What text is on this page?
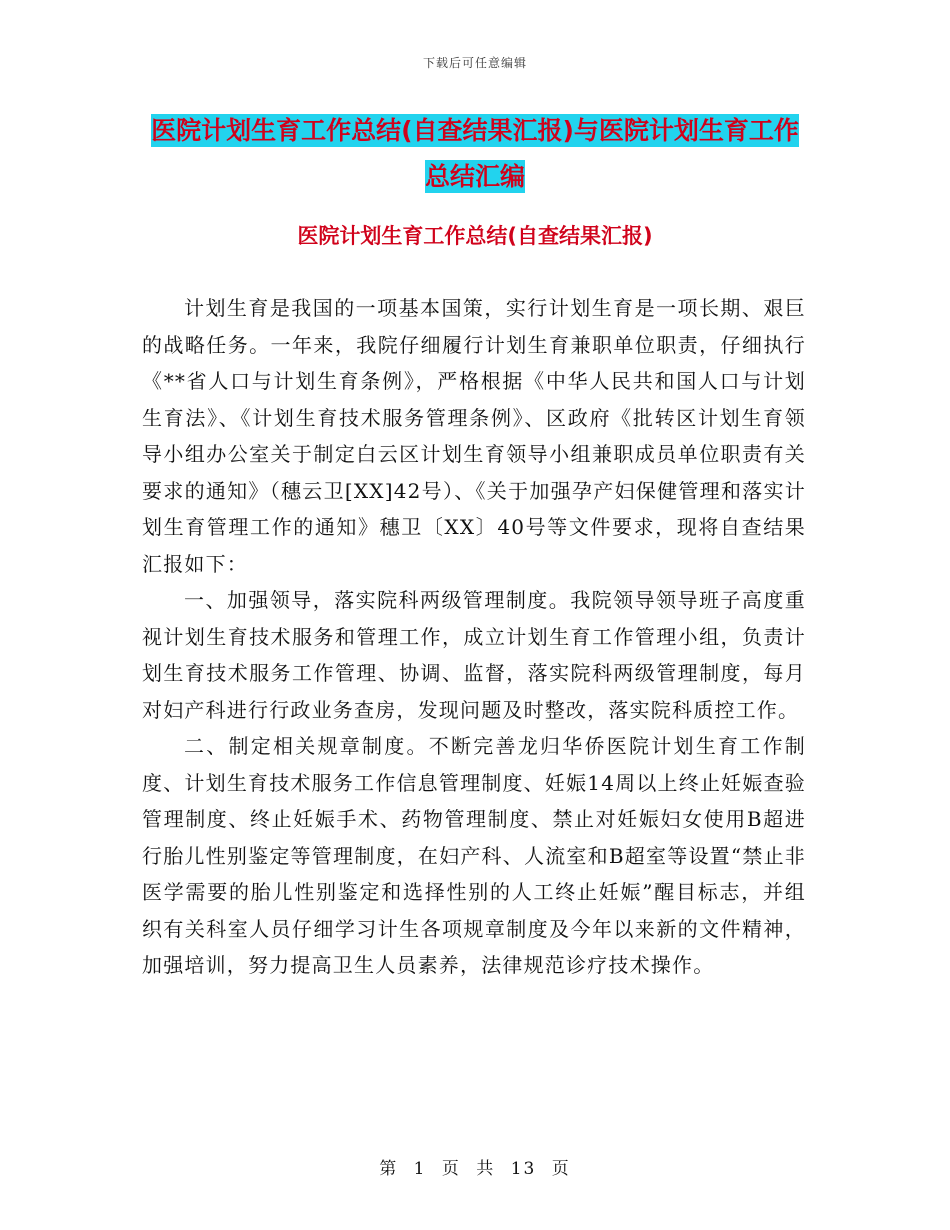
下载后可任意编辑
医院计划生育工作总结(自查结果汇报)与医院计划生育工作总结汇编
医院计划生育工作总结(自查结果汇报)

计划生育是我国的一项基本国策，实行计划生育是一项长期、艰巨的战略任务。一年来，我院仔细履行计划生育兼职单位职责，仔细执行《**省人口与计划生育条例》，严格根据《中华人民共和国人口与计划生育法》、《计划生育技术服务管理条例》、区政府《批转区计划生育领导小组办公室关于制定白云区计划生育领导小组兼职成员单位职责有关要求的通知》（穗云卫[XX]42号）、《关于加强孕产妇保健管理和落实计划生育管理工作的通知》穗卫〔XX〕40号等文件要求，现将自查结果汇报如下：

一、加强领导，落实院科两级管理制度。我院领导领导班子高度重视计划生育技术服务和管理工作，成立计划生育工作管理小组，负责计划生育技术服务工作管理、协调、监督，落实院科两级管理制度，每月对妇产科进行行政业务查房，发现问题及时整改，落实院科质控工作。

二、制定相关规章制度。不断完善龙归华侨医院计划生育工作制度、计划生育技术服务工作信息管理制度、妊娠14周以上终止妊娠查验管理制度、终止妊娠手术、药物管理制度、禁止对妊娠妇女使用B超进行胎儿性别鉴定等管理制度，在妇产科、人流室和B超室等设置“禁止非医学需要的胎儿性别鉴定和选择性别的人工终止妊娠”醒目标志，并组织有关科室人员仔细学习计生各项规章制度及今年以来新的文件精神，加强培训，努力提高卫生人员素养，法律规范诊疗技术操作。

第 1 页 共 13 页
